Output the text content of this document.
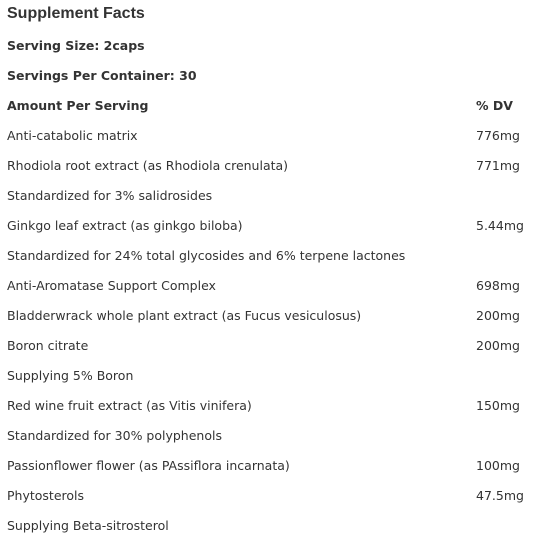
Supplement Facts
Serving Size: 2caps
Servings Per Container: 30
Amount Per Serving	% DV
Anti-catabolic matrix	776mg
Rhodiola root extract (as Rhodiola crenulata)	771mg
Standardized for 3% salidrosides
Ginkgo leaf extract (as ginkgo biloba)	5.44mg
Standardized for 24% total glycosides and 6% terpene lactones
Anti-Aromatase Support Complex	698mg
Bladderwrack whole plant extract (as Fucus vesiculosus)	200mg
Boron citrate	200mg
Supplying 5% Boron
Red wine fruit extract (as Vitis vinifera)	150mg
Standardized for 30% polyphenols
Passionflower flower (as PAssiflora incarnata)	100mg
Phytosterols	47.5mg
Supplying Beta-sitrosterol
